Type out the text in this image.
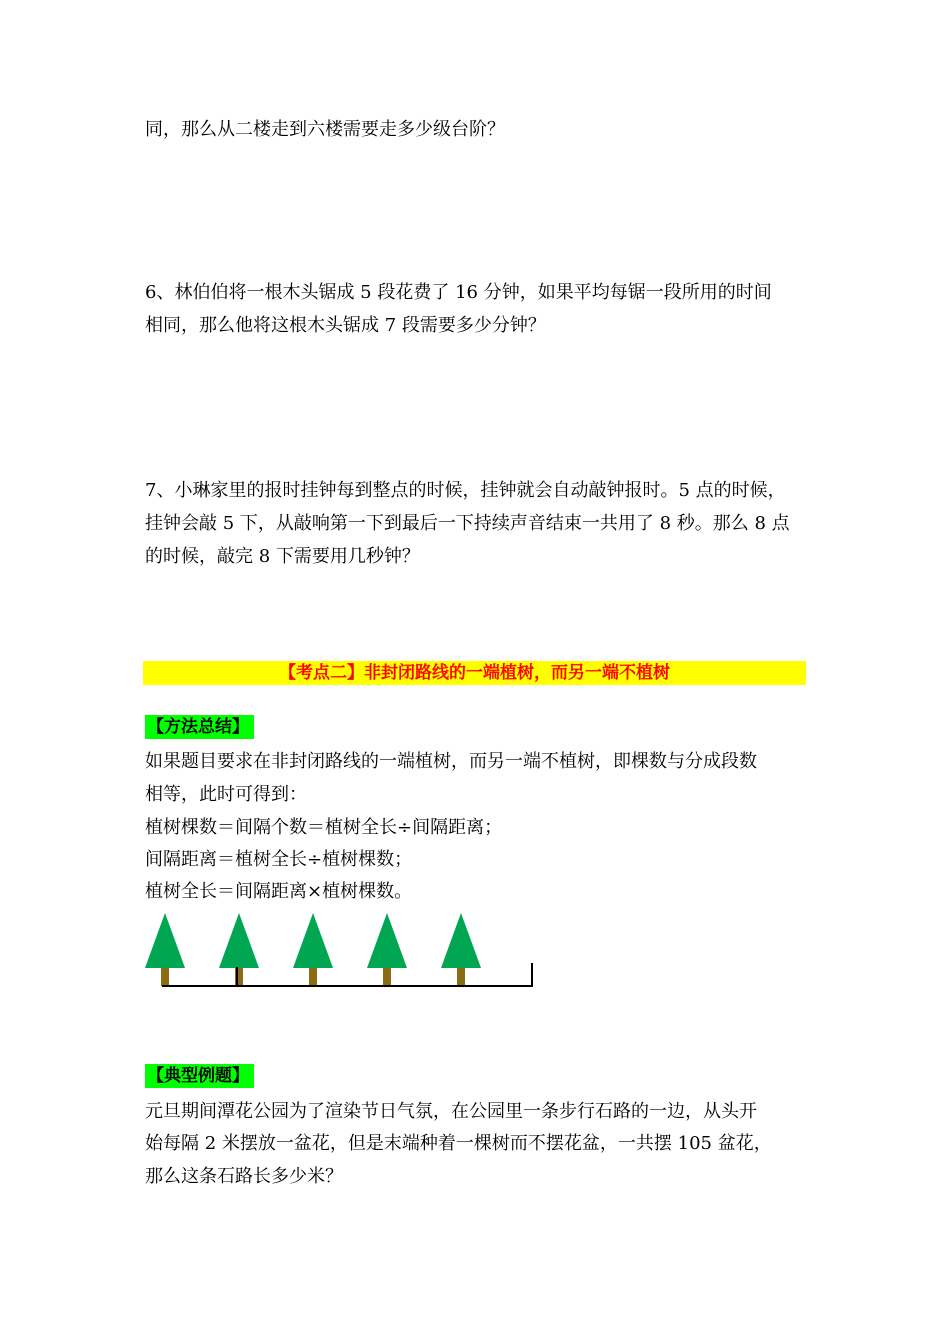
同，那么从二楼走到六楼需要走多少级台阶？
6、林伯伯将一根木头锯成 5 段花费了 16 分钟，如果平均每锯一段所用的时间
相同，那么他将这根木头锯成 7 段需要多少分钟？
7、小琳家里的报时挂钟每到整点的时候，挂钟就会自动敲钟报时。5 点的时候，
挂钟会敲 5 下，从敲响第一下到最后一下持续声音结束一共用了 8 秒。那么 8 点
的时候，敲完 8 下需要用几秒钟？
【考点二】非封闭路线的一端植树，而另一端不植树
【方法总结】
如果题目要求在非封闭路线的一端植树，而另一端不植树，即棵数与分成段数
相等，此时可得到：
植树棵数＝间隔个数＝植树全长÷间隔距离；
间隔距离＝植树全长÷植树棵数；
植树全长＝间隔距离×植树棵数。
【典型例题】
元旦期间潭花公园为了渲染节日气氛，在公园里一条步行石路的一边，从头开
始每隔 2 米摆放一盆花，但是末端种着一棵树而不摆花盆，一共摆 105 盆花，
那么这条石路长多少米？
